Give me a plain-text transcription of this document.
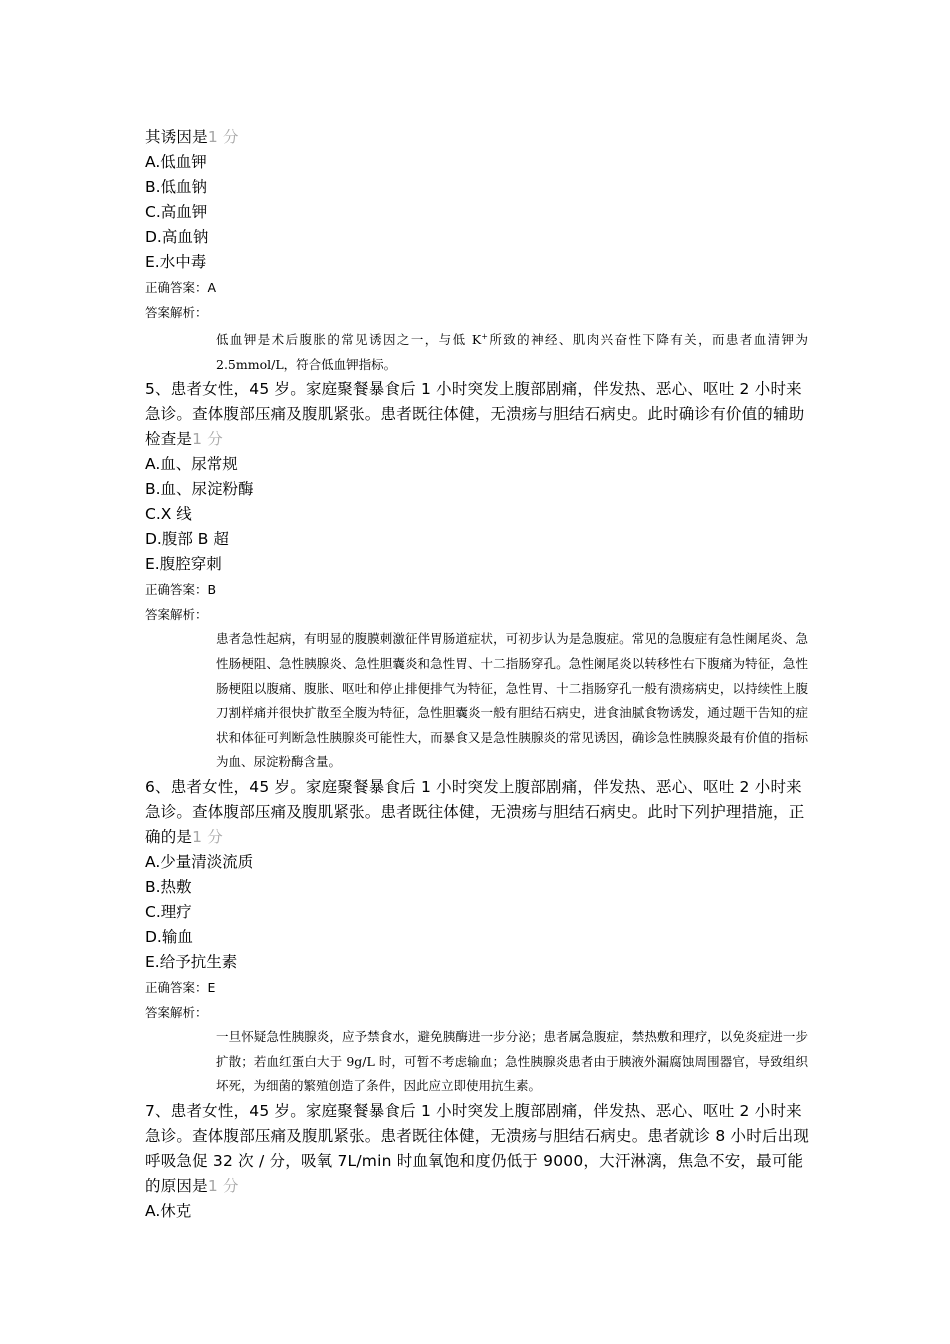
其诱因是1 分

A.低血钾

B.低血钠

C.高血钾

D.高血钠

E.水中毒

正确答案：A

答案解析：

低血钾是术后腹胀的常见诱因之一，与低 K+所致的神经、肌肉兴奋性下降有关，而患者血清钾为 2.5mmol/L，符合低血钾指标。

5、患者女性，45 岁。家庭聚餐暴食后 1 小时突发上腹部剧痛，伴发热、恶心、呕吐 2 小时来急诊。查体腹部压痛及腹肌紧张。患者既往体健，无溃疡与胆结石病史。此时确诊有价值的辅助检查是1 分

A.血、尿常规

B.血、尿淀粉酶

C.X 线

D.腹部 B 超

E.腹腔穿刺

正确答案：B

答案解析：

患者急性起病，有明显的腹膜刺激征伴胃肠道症状，可初步认为是急腹症。常见的急腹症有急性阑尾炎、急性肠梗阻、急性胰腺炎、急性胆囊炎和急性胃、十二指肠穿孔。急性阑尾炎以转移性右下腹痛为特征，急性肠梗阻以腹痛、腹胀、呕吐和停止排便排气为特征，急性胃、十二指肠穿孔一般有溃疡病史，以持续性上腹刀割样痛并很快扩散至全腹为特征，急性胆囊炎一般有胆结石病史，进食油腻食物诱发，通过题干告知的症状和体征可判断急性胰腺炎可能性大，而暴食又是急性胰腺炎的常见诱因，确诊急性胰腺炎最有价值的指标为血、尿淀粉酶含量。

6、患者女性，45 岁。家庭聚餐暴食后 1 小时突发上腹部剧痛，伴发热、恶心、呕吐 2 小时来急诊。查体腹部压痛及腹肌紧张。患者既往体健，无溃疡与胆结石病史。此时下列护理措施，正确的是1 分

A.少量清淡流质

B.热敷

C.理疗

D.输血

E.给予抗生素

正确答案：E

答案解析：

一旦怀疑急性胰腺炎，应予禁食水，避免胰酶进一步分泌；患者属急腹症，禁热敷和理疗，以免炎症进一步扩散；若血红蛋白大于 9g/L 时，可暂不考虑输血；急性胰腺炎患者由于胰液外漏腐蚀周围器官，导致组织坏死，为细菌的繁殖创造了条件，因此应立即使用抗生素。

7、患者女性，45 岁。家庭聚餐暴食后 1 小时突发上腹部剧痛，伴发热、恶心、呕吐 2 小时来急诊。查体腹部压痛及腹肌紧张。患者既往体健，无溃疡与胆结石病史。患者就诊 8 小时后出现呼吸急促 32 次 / 分，吸氧 7L/min 时血氧饱和度仍低于 9000，大汗淋漓，焦急不安，最可能的原因是1 分

A.休克
